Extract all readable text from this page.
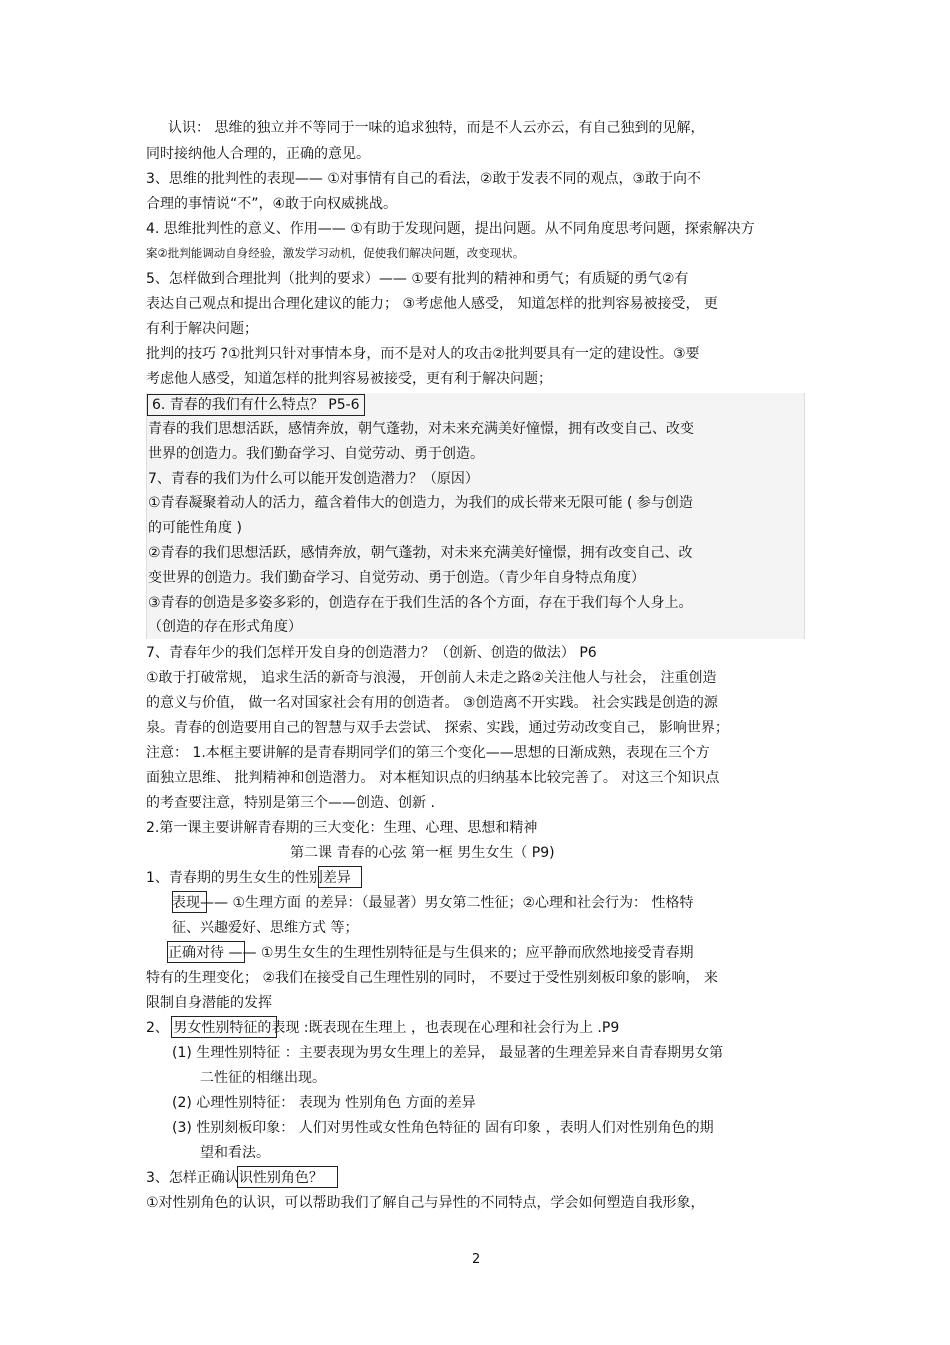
认识： 思维的独立并不等同于一味的追求独特，而是不人云亦云，有自己独到的见解，
同时接纳他人合理的，正确的意见。
3、思维的批判性的表现—— ①对事情有自己的看法，②敢于发表不同的观点，③敢于向不
合理的事情说“不”，④敢于向权威挑战。
4. 思维批判性的意义、作用—— ①有助于发现问题，提出问题。从不同角度思考问题，探索解决方
案②批判能调动自身经验，激发学习动机，促使我们解决问题，改变现状。
5、怎样做到合理批判（批判的要求）—— ①要有批判的精神和勇气；有质疑的勇气②有
表达自己观点和提出合理化建议的能力； ③考虑他人感受， 知道怎样的批判容易被接受， 更
有利于解决问题；
批判的技巧 ?①批判只针对事情本身，而不是对人的攻击②批判要具有一定的建设性。③要
考虑他人感受，知道怎样的批判容易被接受，更有利于解决问题；
6. 青春的我们有什么特点？ P5-6
青春的我们思想活跃，感情奔放，朝气蓬勃，对未来充满美好憧憬，拥有改变自己、改变
世界的创造力。我们勤奋学习、自觉劳动、勇于创造。
7、青春的我们为什么可以能开发创造潜力？（原因）
①青春凝聚着动人的活力，蕴含着伟大的创造力，为我们的成长带来无限可能 ( 参与创造
的可能性角度 )
②青春的我们思想活跃，感情奔放，朝气蓬勃，对未来充满美好憧憬，拥有改变自己、改
变世界的创造力。我们勤奋学习、自觉劳动、勇于创造。（青少年自身特点角度）
③青春的创造是多姿多彩的，创造存在于我们生活的各个方面，存在于我们每个人身上。
（创造的存在形式角度）
7、青春年少的我们怎样开发自身的创造潜力？（创新、创造的做法） P6
①敢于打破常规， 追求生活的新奇与浪漫， 开创前人未走之路②关注他人与社会， 注重创造
的意义与价值， 做一名对国家社会有用的创造者。 ③创造离不开实践。 社会实践是创造的源
泉。青春的创造要用自己的智慧与双手去尝试、 探索、实践，通过劳动改变自己， 影响世界；
注意： 1.本框主要讲解的是青春期同学们的第三个变化——思想的日渐成熟，表现在三个方
面独立思维、 批判精神和创造潜力。 对本框知识点的归纳基本比较完善了。 对这三个知识点
的考查要注意，特别是第三个——创造、创新 .
2.第一课主要讲解青春期的三大变化：生理、心理、思想和精神
第二课 青春的心弦 第一框 男生女生（ P9)
1、青春期的男生女生的性别差异
表现—— ①生理方面 的差异：（最显著）男女第二性征；②心理和社会行为： 性格特
征、兴趣爱好、思维方式 等；
正确对待 —— ①男生女生的生理性别特征是与生俱来的；应平静而欣然地接受青春期
特有的生理变化； ②我们在接受自己生理性别的同时， 不要过于受性别刻板印象的影响， 来
限制自身潜能的发挥
2、 男女性别特征的表现 :既表现在生理上 ，也表现在心理和社会行为上 .P9
(1) 生理性别特征 ：主要表现为男女生理上的差异， 最显著的生理差异来自青春期男女第
二性征的相继出现。
(2) 心理性别特征： 表现为 性别角色 方面的差异
(3) 性别刻板印象： 人们对男性或女性角色特征的 固有印象 ，表明人们对性别角色的期
望和看法。
3、怎样正确认识性别角色？
①对性别角色的认识，可以帮助我们了解自己与异性的不同特点，学会如何塑造自我形象，
2
